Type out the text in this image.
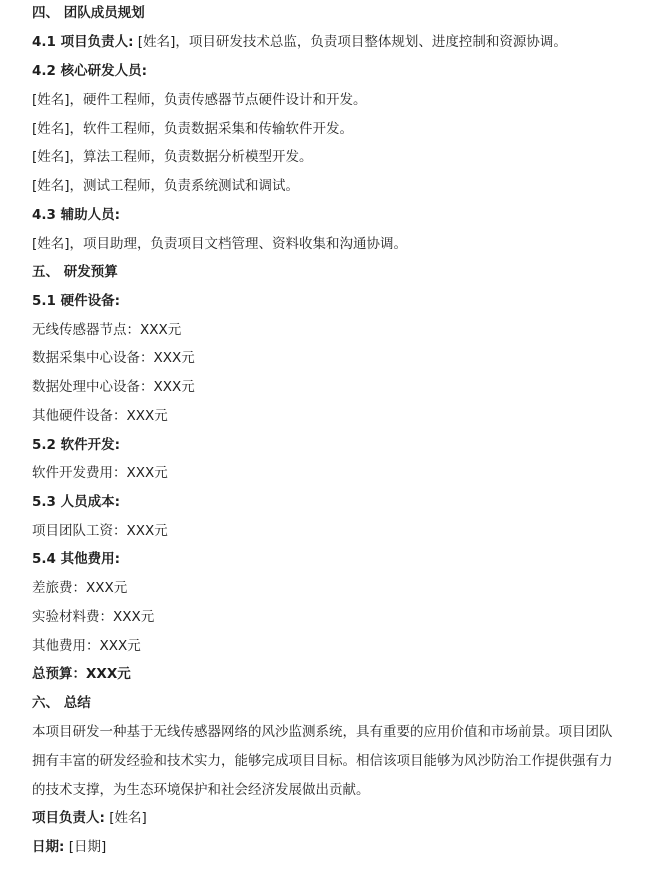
四、 团队成员规划
4.1 项目负责人: [姓名]，项目研发技术总监，负责项目整体规划、进度控制和资源协调。
4.2 核心研发人员:
[姓名]，硬件工程师，负责传感器节点硬件设计和开发。
[姓名]，软件工程师，负责数据采集和传输软件开发。
[姓名]，算法工程师，负责数据分析模型开发。
[姓名]，测试工程师，负责系统测试和调试。
4.3 辅助人员:
[姓名]，项目助理，负责项目文档管理、资料收集和沟通协调。
五、 研发预算
5.1 硬件设备:
无线传感器节点：XXX元
数据采集中心设备：XXX元
数据处理中心设备：XXX元
其他硬件设备：XXX元
5.2 软件开发:
软件开发费用：XXX元
5.3 人员成本:
项目团队工资：XXX元
5.4 其他费用:
差旅费：XXX元
实验材料费：XXX元
其他费用：XXX元
总预算：XXX元
六、 总结
本项目研发一种基于无线传感器网络的风沙监测系统，具有重要的应用价值和市场前景。项目团队
拥有丰富的研发经验和技术实力，能够完成项目目标。相信该项目能够为风沙防治工作提供强有力
的技术支撑，为生态环境保护和社会经济发展做出贡献。
项目负责人: [姓名]
日期: [日期]
